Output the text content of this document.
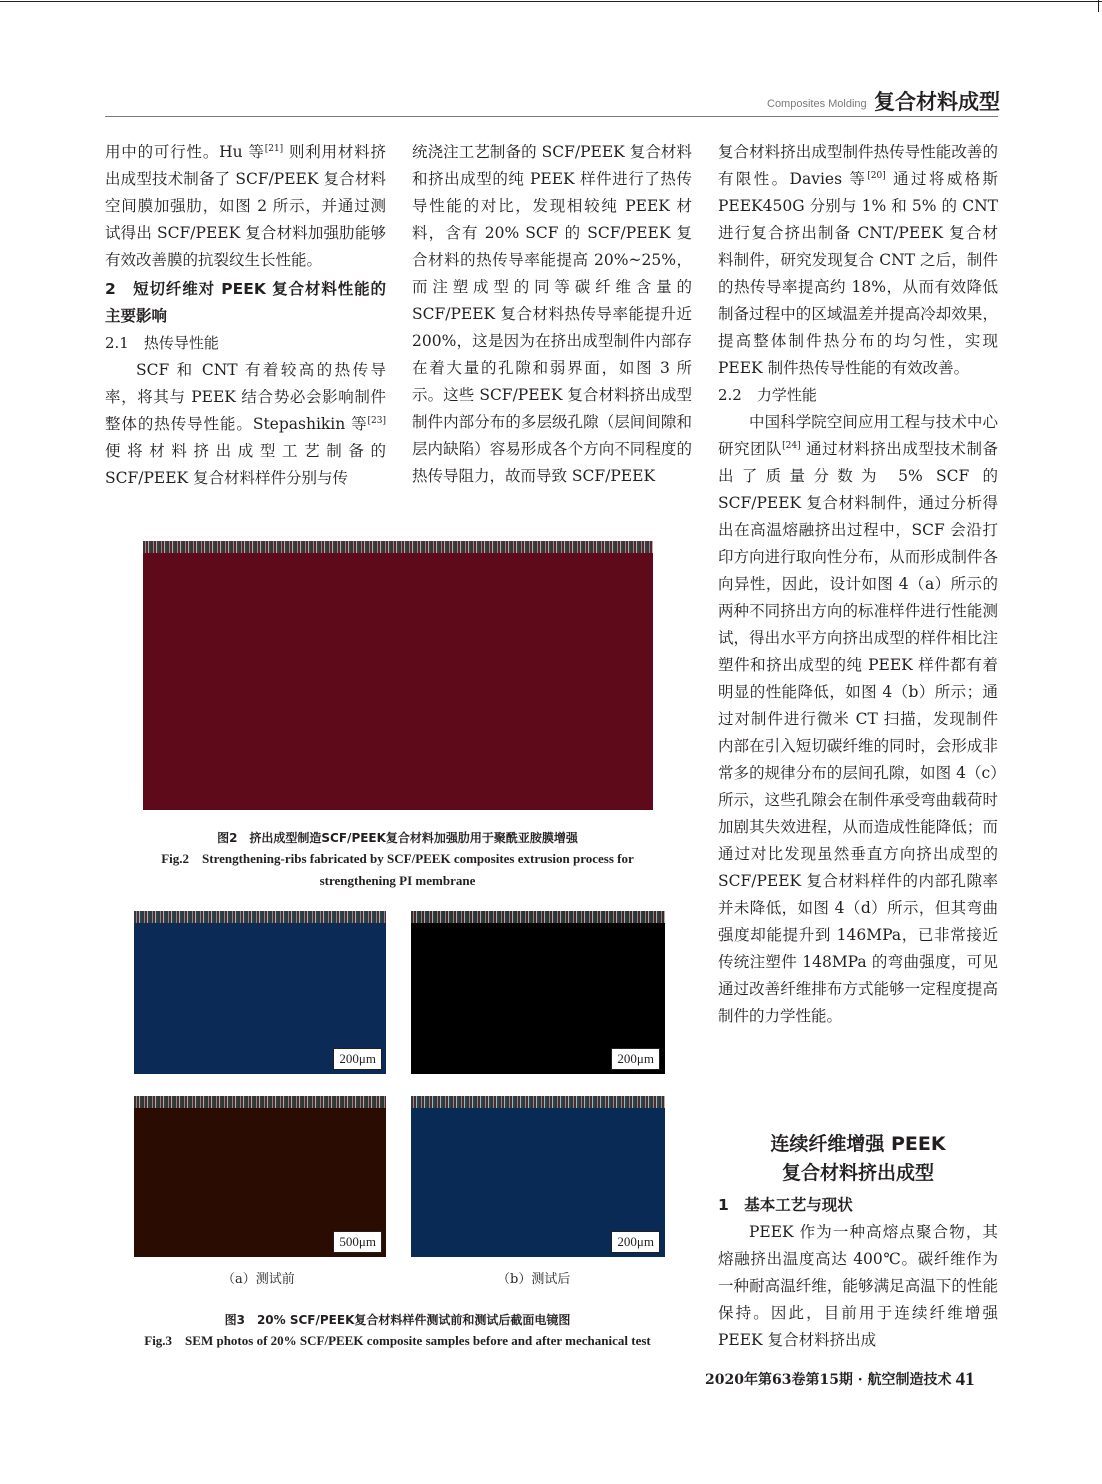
Composites Molding 复合材料成型

用中的可行性。Hu 等[21] 则利用材料挤出成型技术制备了 SCF/PEEK 复合材料空间膜加强肋，如图 2 所示，并通过测试得出 SCF/PEEK 复合材料加强肋能够有效改善膜的抗裂纹生长性能。

2　短切纤维对 PEEK 复合材料性能的主要影响
2.1　热传导性能

SCF 和 CNT 有着较高的热传导率，将其与 PEEK 结合势必会影响制件整体的热传导性能。Stepashikin 等[23] 便将材料挤出成型工艺制备的 SCF/PEEK 复合材料样件分别与传

统浇注工艺制备的 SCF/PEEK 复合材料和挤出成型的纯 PEEK 样件进行了热传导性能的对比，发现相较纯 PEEK 材料，含有 20% SCF 的 SCF/PEEK 复合材料的热传导率能提高 20%~25%，而注塑成型的同等碳纤维含量的 SCF/PEEK 复合材料热传导率能提升近 200%，这是因为在挤出成型制件内部存在着大量的孔隙和弱界面，如图 3 所示。这些 SCF/PEEK 复合材料挤出成型制件内部分布的多层级孔隙（层间间隙和层内缺陷）容易形成各个方向不同程度的热传导阻力，故而导致 SCF/PEEK

复合材料挤出成型制件热传导性能改善的有限性。Davies 等[20] 通过将威格斯 PEEK450G 分别与 1% 和 5% 的 CNT 进行复合挤出制备 CNT/PEEK 复合材料制件，研究发现复合 CNT 之后，制件的热传导率提高约 18%，从而有效降低制备过程中的区域温差并提高冷却效果，提高整体制件热分布的均匀性，实现 PEEK 制件热传导性能的有效改善。

2.2　力学性能

中国科学院空间应用工程与技术中心研究团队[24] 通过材料挤出成型技术制备出了质量分数为 5% SCF 的 SCF/PEEK 复合材料制件，通过分析得出在高温熔融挤出过程中，SCF 会沿打印方向进行取向性分布，从而形成制件各向异性，因此，设计如图 4（a）所示的两种不同挤出方向的标准样件进行性能测试，得出水平方向挤出成型的样件相比注塑件和挤出成型的纯 PEEK 样件都有着明显的性能降低，如图 4（b）所示；通过对制件进行微米 CT 扫描，发现制件内部在引入短切碳纤维的同时，会形成非常多的规律分布的层间孔隙，如图 4（c）所示，这些孔隙会在制件承受弯曲载荷时加剧其失效进程，从而造成性能降低；而通过对比发现虽然垂直方向挤出成型的 SCF/PEEK 复合材料样件的内部孔隙率并未降低，如图 4（d）所示，但其弯曲强度却能提升到 146MPa，已非常接近传统注塑件 148MPa 的弯曲强度，可见通过改善纤维排布方式能够一定程度提高制件的力学性能。

连续纤维增强 PEEK
复合材料挤出成型
1　基本工艺与现状

PEEK 作为一种高熔点聚合物，其熔融挤出温度高达 400℃。碳纤维作为一种耐高温纤维，能够满足高温下的性能保持。因此，目前用于连续纤维增强 PEEK 复合材料挤出成

图2　挤出成型制造SCF/PEEK复合材料加强肋用于聚酰亚胺膜增强
Fig.2　Strengthening-ribs fabricated by SCF/PEEK composites extrusion process for
strengthening PI membrane
200μm	200μm
500μm	200μm
（a）测试前	（b）测试后
图3　20% SCF/PEEK复合材料样件测试前和测试后截面电镜图
Fig.3　SEM photos of 20% SCF/PEEK composite samples before and after mechanical test
2020年第63卷第15期 · 航空制造技术 41
